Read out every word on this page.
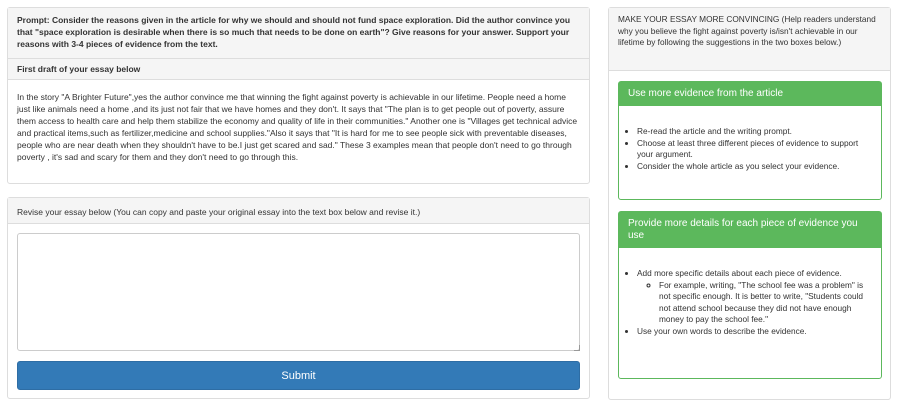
Prompt: Consider the reasons given in the article for why we should and should not fund space exploration. Did the author convince you that "space exploration is desirable when there is so much that needs to be done on earth"? Give reasons for your answer. Support your reasons with 3-4 pieces of evidence from the text.
First draft of your essay below
In the story "A Brighter Future",yes the author convince me that winning the fight against poverty is achievable in our lifetime. People need a home just like animals need a home ,and its just not fair that we have homes and they don't. It says that "The plan is to get people out of poverty, assure them access to health care and help them stabilize the economy and quality of life in their communities." Another one is "Villages get technical advice and practical items,such as fertilizer,medicine and school supplies."Also it says that "It is hard for me to see people sick with preventable diseases, people who are near death when they shouldn't have to be.I just get scared and sad." These 3 examples mean that people don't need to go through poverty , it's sad and scary for them and they don't need to go through this.
Revise your essay below (You can copy and paste your original essay into the text box below and revise it.)
Submit
MAKE YOUR ESSAY MORE CONVINCING (Help readers understand why you believe the fight against poverty is/isn't achievable in our lifetime by following the suggestions in the two boxes below.)
Use more evidence from the article
• Re-read the article and the writing prompt.
• Choose at least three different pieces of evidence to support your argument.
• Consider the whole article as you select your evidence.
Provide more details for each piece of evidence you use
• Add more specific details about each piece of evidence.
◦ For example, writing, "The school fee was a problem" is not specific enough. It is better to write, "Students could not attend school because they did not have enough money to pay the school fee."
• Use your own words to describe the evidence.
